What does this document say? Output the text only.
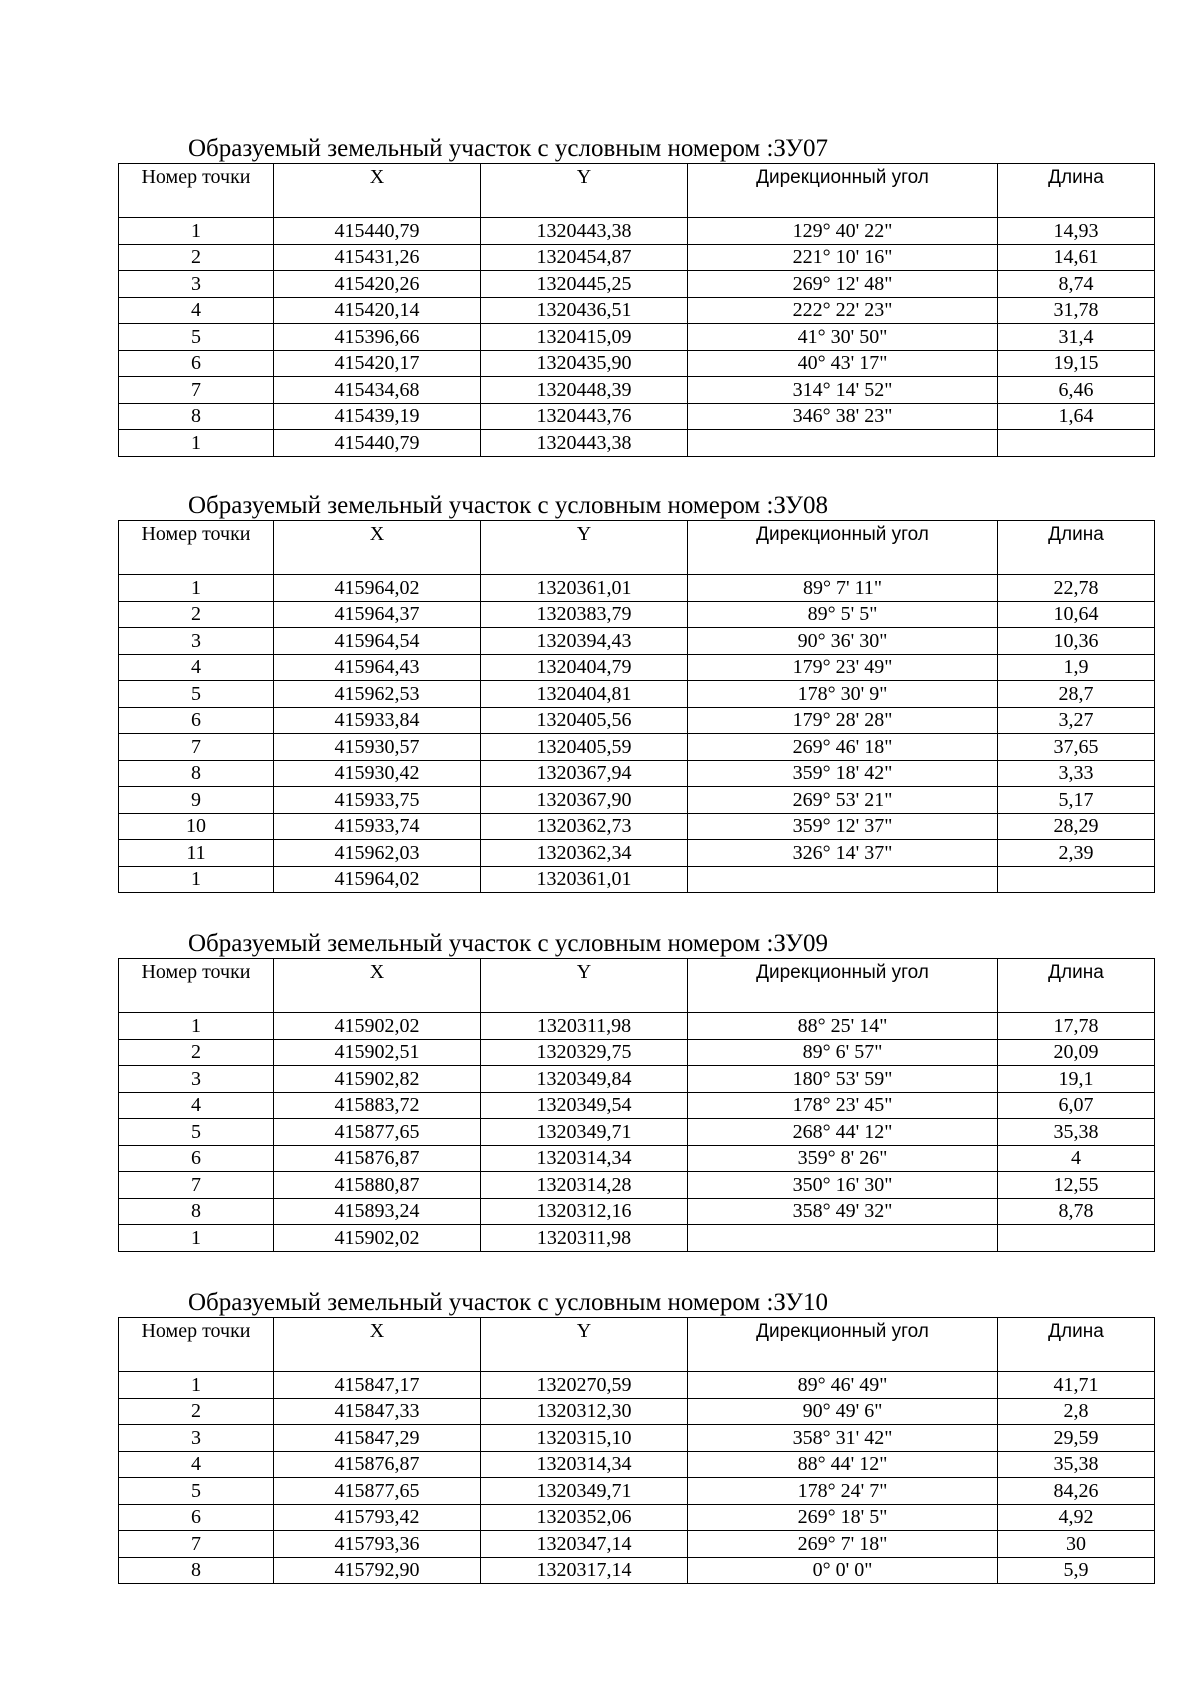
Образуемый земельный участок с условным номером :ЗУ07
Номер точки	X	Y	Дирекционный угол	Длина
1	415440,79	1320443,38	129° 40' 22"	14,93
2	415431,26	1320454,87	221° 10' 16"	14,61
3	415420,26	1320445,25	269° 12' 48"	8,74
4	415420,14	1320436,51	222° 22' 23"	31,78
5	415396,66	1320415,09	41° 30' 50"	31,4
6	415420,17	1320435,90	40° 43' 17"	19,15
7	415434,68	1320448,39	314° 14' 52"	6,46
8	415439,19	1320443,76	346° 38' 23"	1,64
1	415440,79	1320443,38		
Образуемый земельный участок с условным номером :ЗУ08
Номер точки	X	Y	Дирекционный угол	Длина
1	415964,02	1320361,01	89° 7' 11"	22,78
2	415964,37	1320383,79	89° 5' 5"	10,64
3	415964,54	1320394,43	90° 36' 30"	10,36
4	415964,43	1320404,79	179° 23' 49"	1,9
5	415962,53	1320404,81	178° 30' 9"	28,7
6	415933,84	1320405,56	179° 28' 28"	3,27
7	415930,57	1320405,59	269° 46' 18"	37,65
8	415930,42	1320367,94	359° 18' 42"	3,33
9	415933,75	1320367,90	269° 53' 21"	5,17
10	415933,74	1320362,73	359° 12' 37"	28,29
11	415962,03	1320362,34	326° 14' 37"	2,39
1	415964,02	1320361,01		
Образуемый земельный участок с условным номером :ЗУ09
Номер точки	X	Y	Дирекционный угол	Длина
1	415902,02	1320311,98	88° 25' 14"	17,78
2	415902,51	1320329,75	89° 6' 57"	20,09
3	415902,82	1320349,84	180° 53' 59"	19,1
4	415883,72	1320349,54	178° 23' 45"	6,07
5	415877,65	1320349,71	268° 44' 12"	35,38
6	415876,87	1320314,34	359° 8' 26"	4
7	415880,87	1320314,28	350° 16' 30"	12,55
8	415893,24	1320312,16	358° 49' 32"	8,78
1	415902,02	1320311,98		
Образуемый земельный участок с условным номером :ЗУ10
Номер точки	X	Y	Дирекционный угол	Длина
1	415847,17	1320270,59	89° 46' 49"	41,71
2	415847,33	1320312,30	90° 49' 6"	2,8
3	415847,29	1320315,10	358° 31' 42"	29,59
4	415876,87	1320314,34	88° 44' 12"	35,38
5	415877,65	1320349,71	178° 24' 7"	84,26
6	415793,42	1320352,06	269° 18' 5"	4,92
7	415793,36	1320347,14	269° 7' 18"	30
8	415792,90	1320317,14	0° 0' 0"	5,9
